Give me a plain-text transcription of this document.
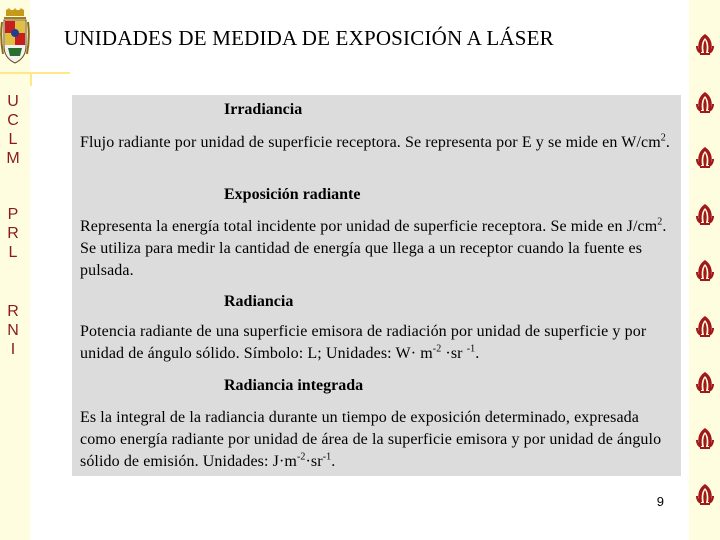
UNIDADES DE MEDIDA DE EXPOSICIÓN A LÁSER
U
C
L
M
P
R
L
R
N
I
Irradiancia
Flujo radiante por unidad de superficie receptora. Se representa por E y se mide en $W/cm^2$.
Exposición radiante
Representa la energía total incidente por unidad de superficie receptora. Se mide en $J/cm^2$. Se utiliza para medir la cantidad de energía que llega a un receptor cuando la fuente es pulsada.
Radiancia
Potencia radiante de una superficie emisora de radiación por unidad de superficie y por unidad de ángulo sólido. Símbolo: L; Unidades: $W\cdot m^{-2} \cdot sr$ $^{-1}$.
Radiancia integrada
Es la integral de la radiancia durante un tiempo de exposición determinado, expresada como energía radiante por unidad de área de la superficie emisora y por unidad de ángulo sólido de emisión. Unidades: $J\cdot m^{-2}\cdot sr^{-1}$.
9
